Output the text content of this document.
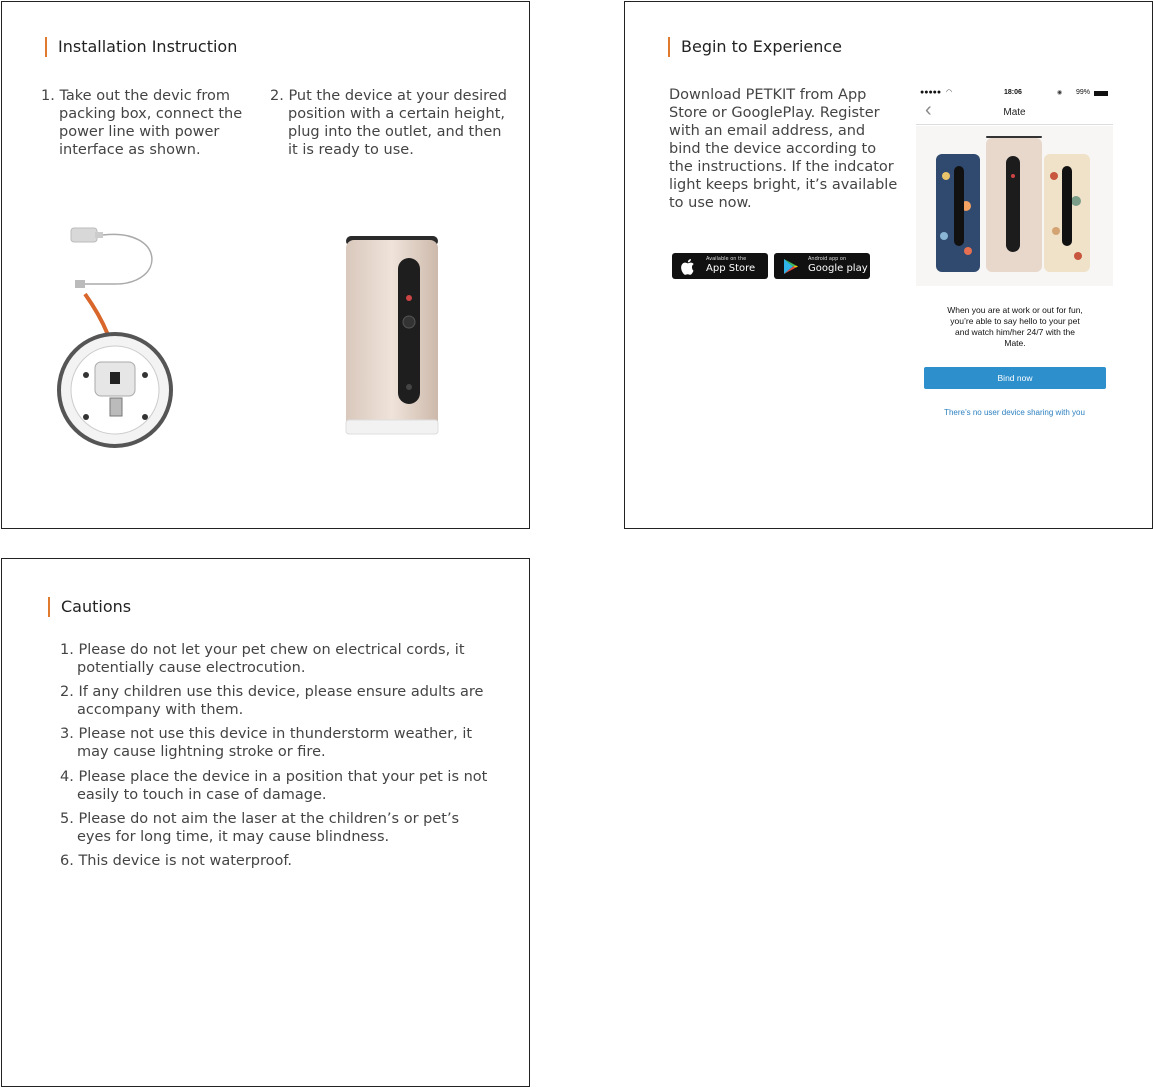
Installation Instruction
1. Take out the devic from
packing box, connect the
power line with power
interface as shown.
2. Put the device at your desired
position with a certain height,
plug into the outlet, and then
it is ready to use.
Begin to Experience
Download PETKIT from App
Store or GooglePlay. Register
with an email address, and
bind the device according to
the instructions. If the indcator
light keeps bright, it’s available
to use now.
Available on the
App Store
Android app on
Google play
●●●●● ◠	18:06	◉ 99%
‹	Mate
When you are at work or out for fun,
you’re able to say hello to your pet
and watch him/her 24/7 with the
Mate.
Bind now
There’s no user device sharing with you
Cautions
1. Please do not let your pet chew on electrical cords, it
potentially cause electrocution.
2. If any children use this device, please ensure adults are
accompany with them.
3. Please not use this device in thunderstorm weather, it
may cause lightning stroke or fire.
4. Please place the device in a position that your pet is not
easily to touch in case of damage.
5. Please do not aim the laser at the children’s or pet’s
eyes for long time, it may cause blindness.
6. This device is not waterproof.
